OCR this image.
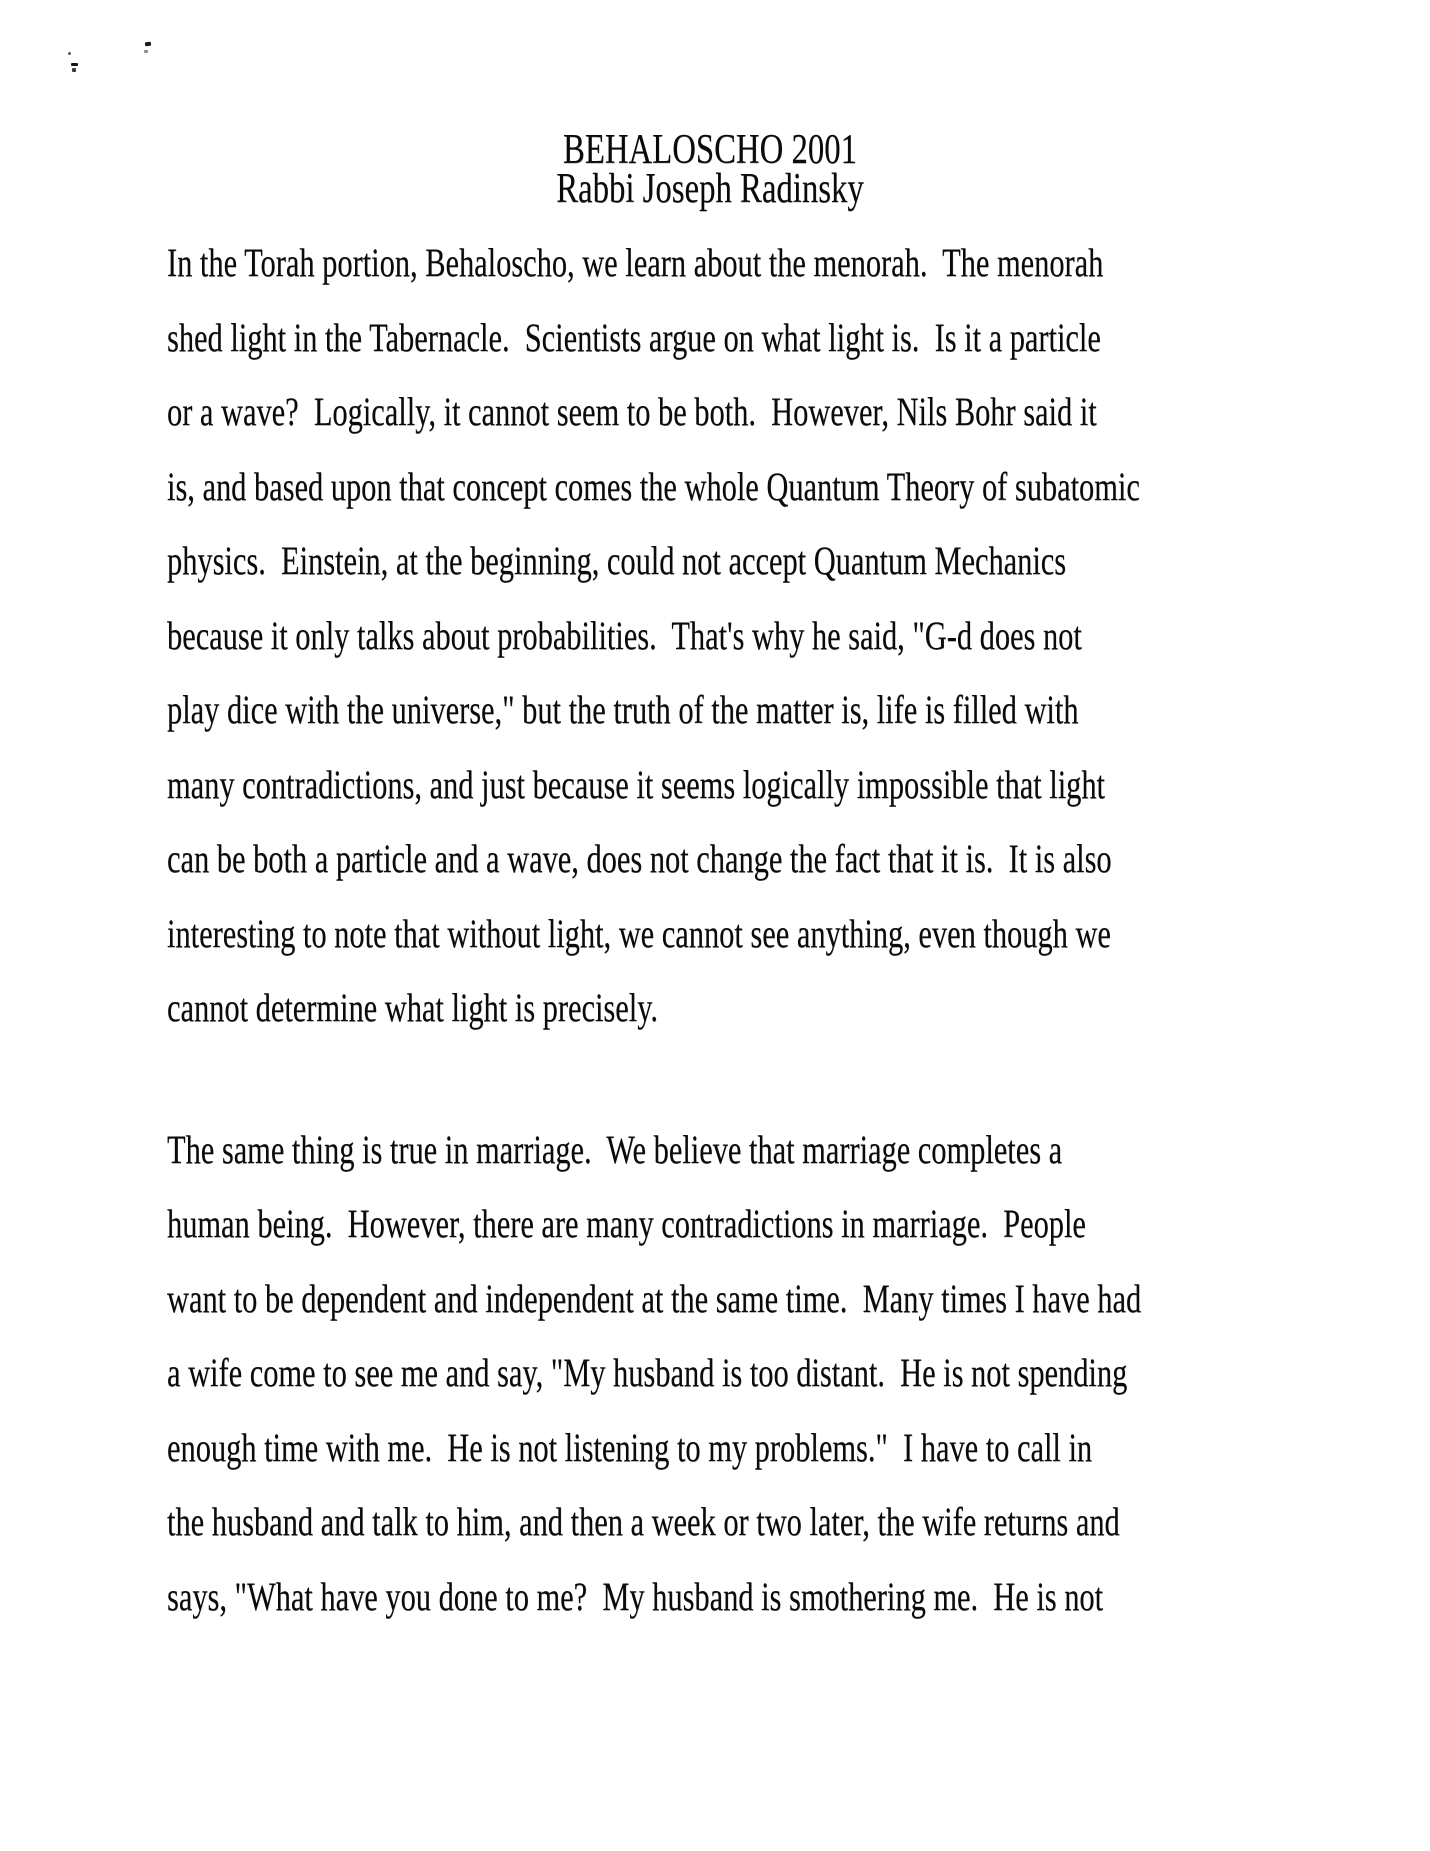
BEHALOSCHO 2001
Rabbi Joseph Radinsky
In the Torah portion, Behaloscho, we learn about the menorah.  The menorah
shed light in the Tabernacle.  Scientists argue on what light is.  Is it a particle
or a wave?  Logically, it cannot seem to be both.  However, Nils Bohr said it
is, and based upon that concept comes the whole Quantum Theory of subatomic
physics.  Einstein, at the beginning, could not accept Quantum Mechanics
because it only talks about probabilities.  That's why he said, "G-d does not
play dice with the universe," but the truth of the matter is, life is filled with
many contradictions, and just because it seems logically impossible that light
can be both a particle and a wave, does not change the fact that it is.  It is also
interesting to note that without light, we cannot see anything, even though we
cannot determine what light is precisely.
The same thing is true in marriage.  We believe that marriage completes a
human being.  However, there are many contradictions in marriage.  People
want to be dependent and independent at the same time.  Many times I have had
a wife come to see me and say, "My husband is too distant.  He is not spending
enough time with me.  He is not listening to my problems."  I have to call in
the husband and talk to him, and then a week or two later, the wife returns and
says, "What have you done to me?  My husband is smothering me.  He is not
